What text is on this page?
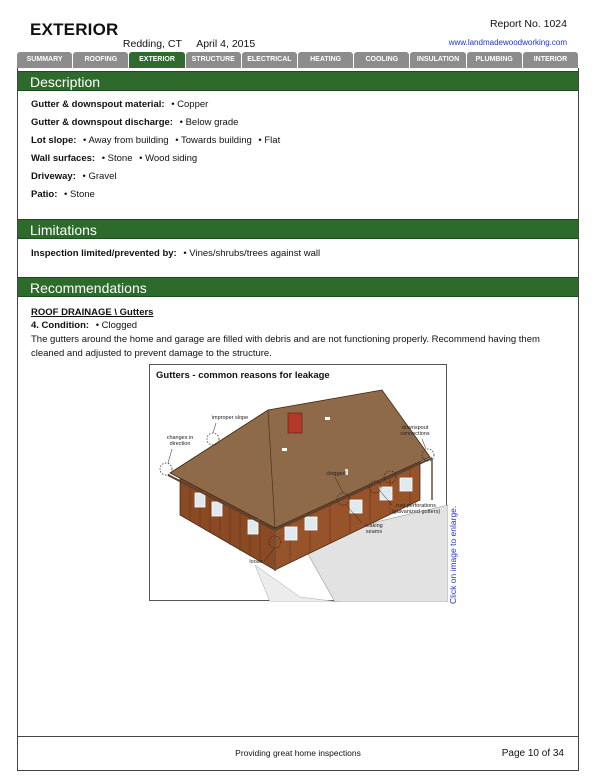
EXTERIOR
Redding, CT April 4, 2015
Report No. 1024
www.landmadewoodworking.com
SUMMARY	ROOFING	EXTERIOR	STRUCTURE	ELECTRICAL	HEATING	COOLING	INSULATION	PLUMBING	INTERIOR
Description
Gutter & downspout material: • Copper
Gutter & downspout discharge: • Below grade
Lot slope: • Away from building • Towards building • Flat
Wall surfaces: • Stone • Wood siding
Driveway: • Gravel
Patio: • Stone
Limitations
Inspection limited/prevented by: • Vines/shrubs/trees against wall
Recommendations
ROOF DRAINAGE \ Gutters
4. Condition: • Clogged
The gutters around the home and garage are filled with debris and are not functioning properly. Recommend having them cleaned and adjusted to prevent damage to the structure.
Gutters - common reasons for leakage
improper slope
changes in direction
downspout connections
clogged
rust perforations (galvanized gutters)
leaking seams
loose	Click on image to enlarge.
Providing great home inspections	Page 10 of 34
